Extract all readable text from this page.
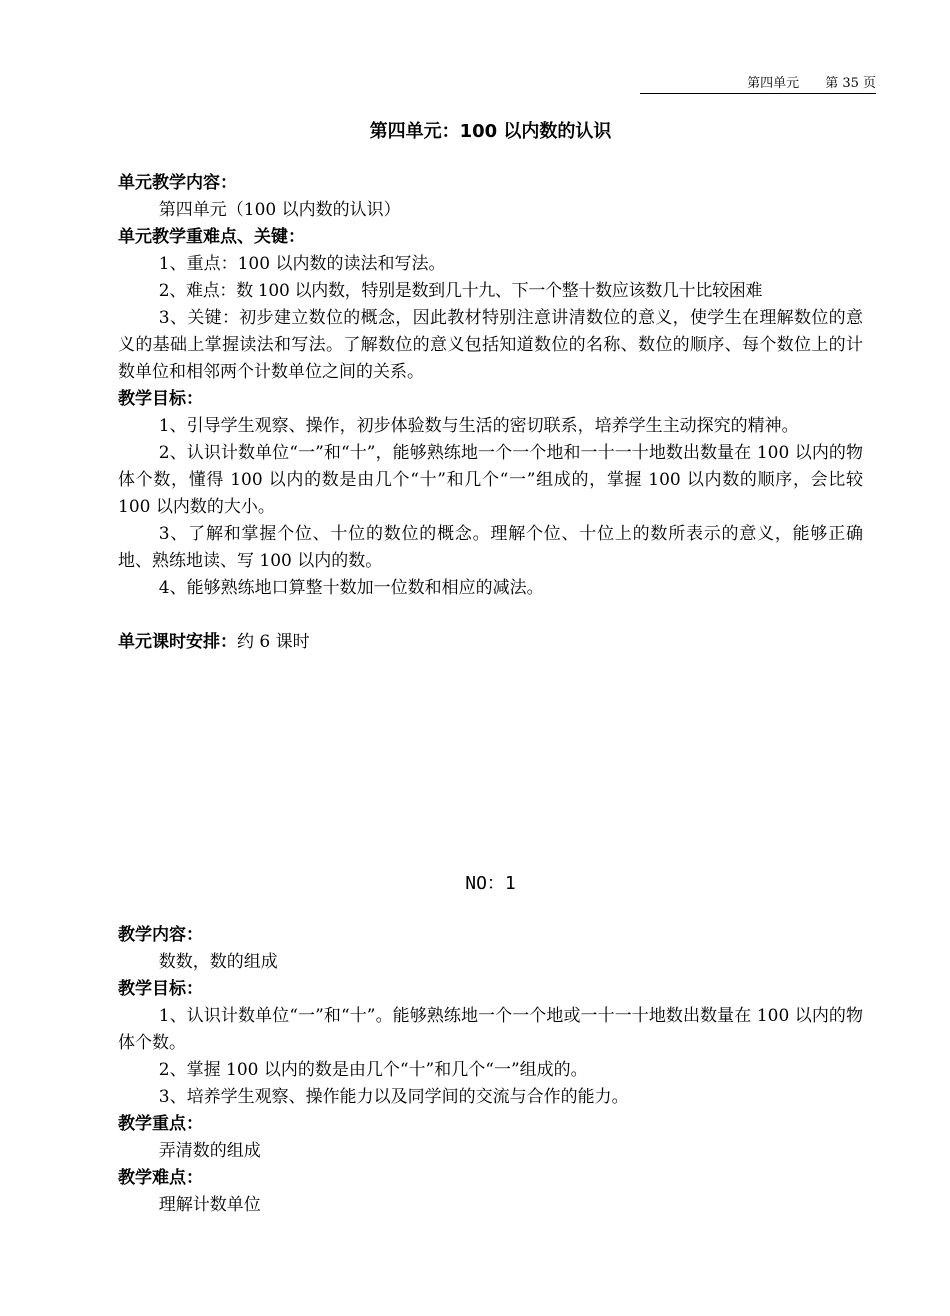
第四单元 第 35 页
第四单元：100 以内数的认识
单元教学内容：
第四单元（100 以内数的认识）
单元教学重难点、关键：
1、重点：100 以内数的读法和写法。
2、难点：数 100 以内数，特别是数到几十九、下一个整十数应该数几十比较困难
3、关键：初步建立数位的概念，因此教材特别注意讲清数位的意义，使学生在理解数位的意义的基础上掌握读法和写法。了解数位的意义包括知道数位的名称、数位的顺序、每个数位上的计数单位和相邻两个计数单位之间的关系。
教学目标：
1、引导学生观察、操作，初步体验数与生活的密切联系，培养学生主动探究的精神。
2、认识计数单位“一”和“十”，能够熟练地一个一个地和一十一十地数出数量在 100 以内的物体个数，懂得 100 以内的数是由几个“十”和几个“一”组成的，掌握 100 以内数的顺序，会比较 100 以内数的大小。
3、了解和掌握个位、十位的数位的概念。理解个位、十位上的数所表示的意义，能够正确地、熟练地读、写 100 以内的数。
4、能够熟练地口算整十数加一位数和相应的减法。
单元课时安排：约 6 课时
NO：1
教学内容：
数数，数的组成
教学目标：
1、认识计数单位“一”和“十”。能够熟练地一个一个地或一十一十地数出数量在 100 以内的物体个数。
2、掌握 100 以内的数是由几个“十”和几个“一”组成的。
3、培养学生观察、操作能力以及同学间的交流与合作的能力。
教学重点：
弄清数的组成
教学难点：
理解计数单位
